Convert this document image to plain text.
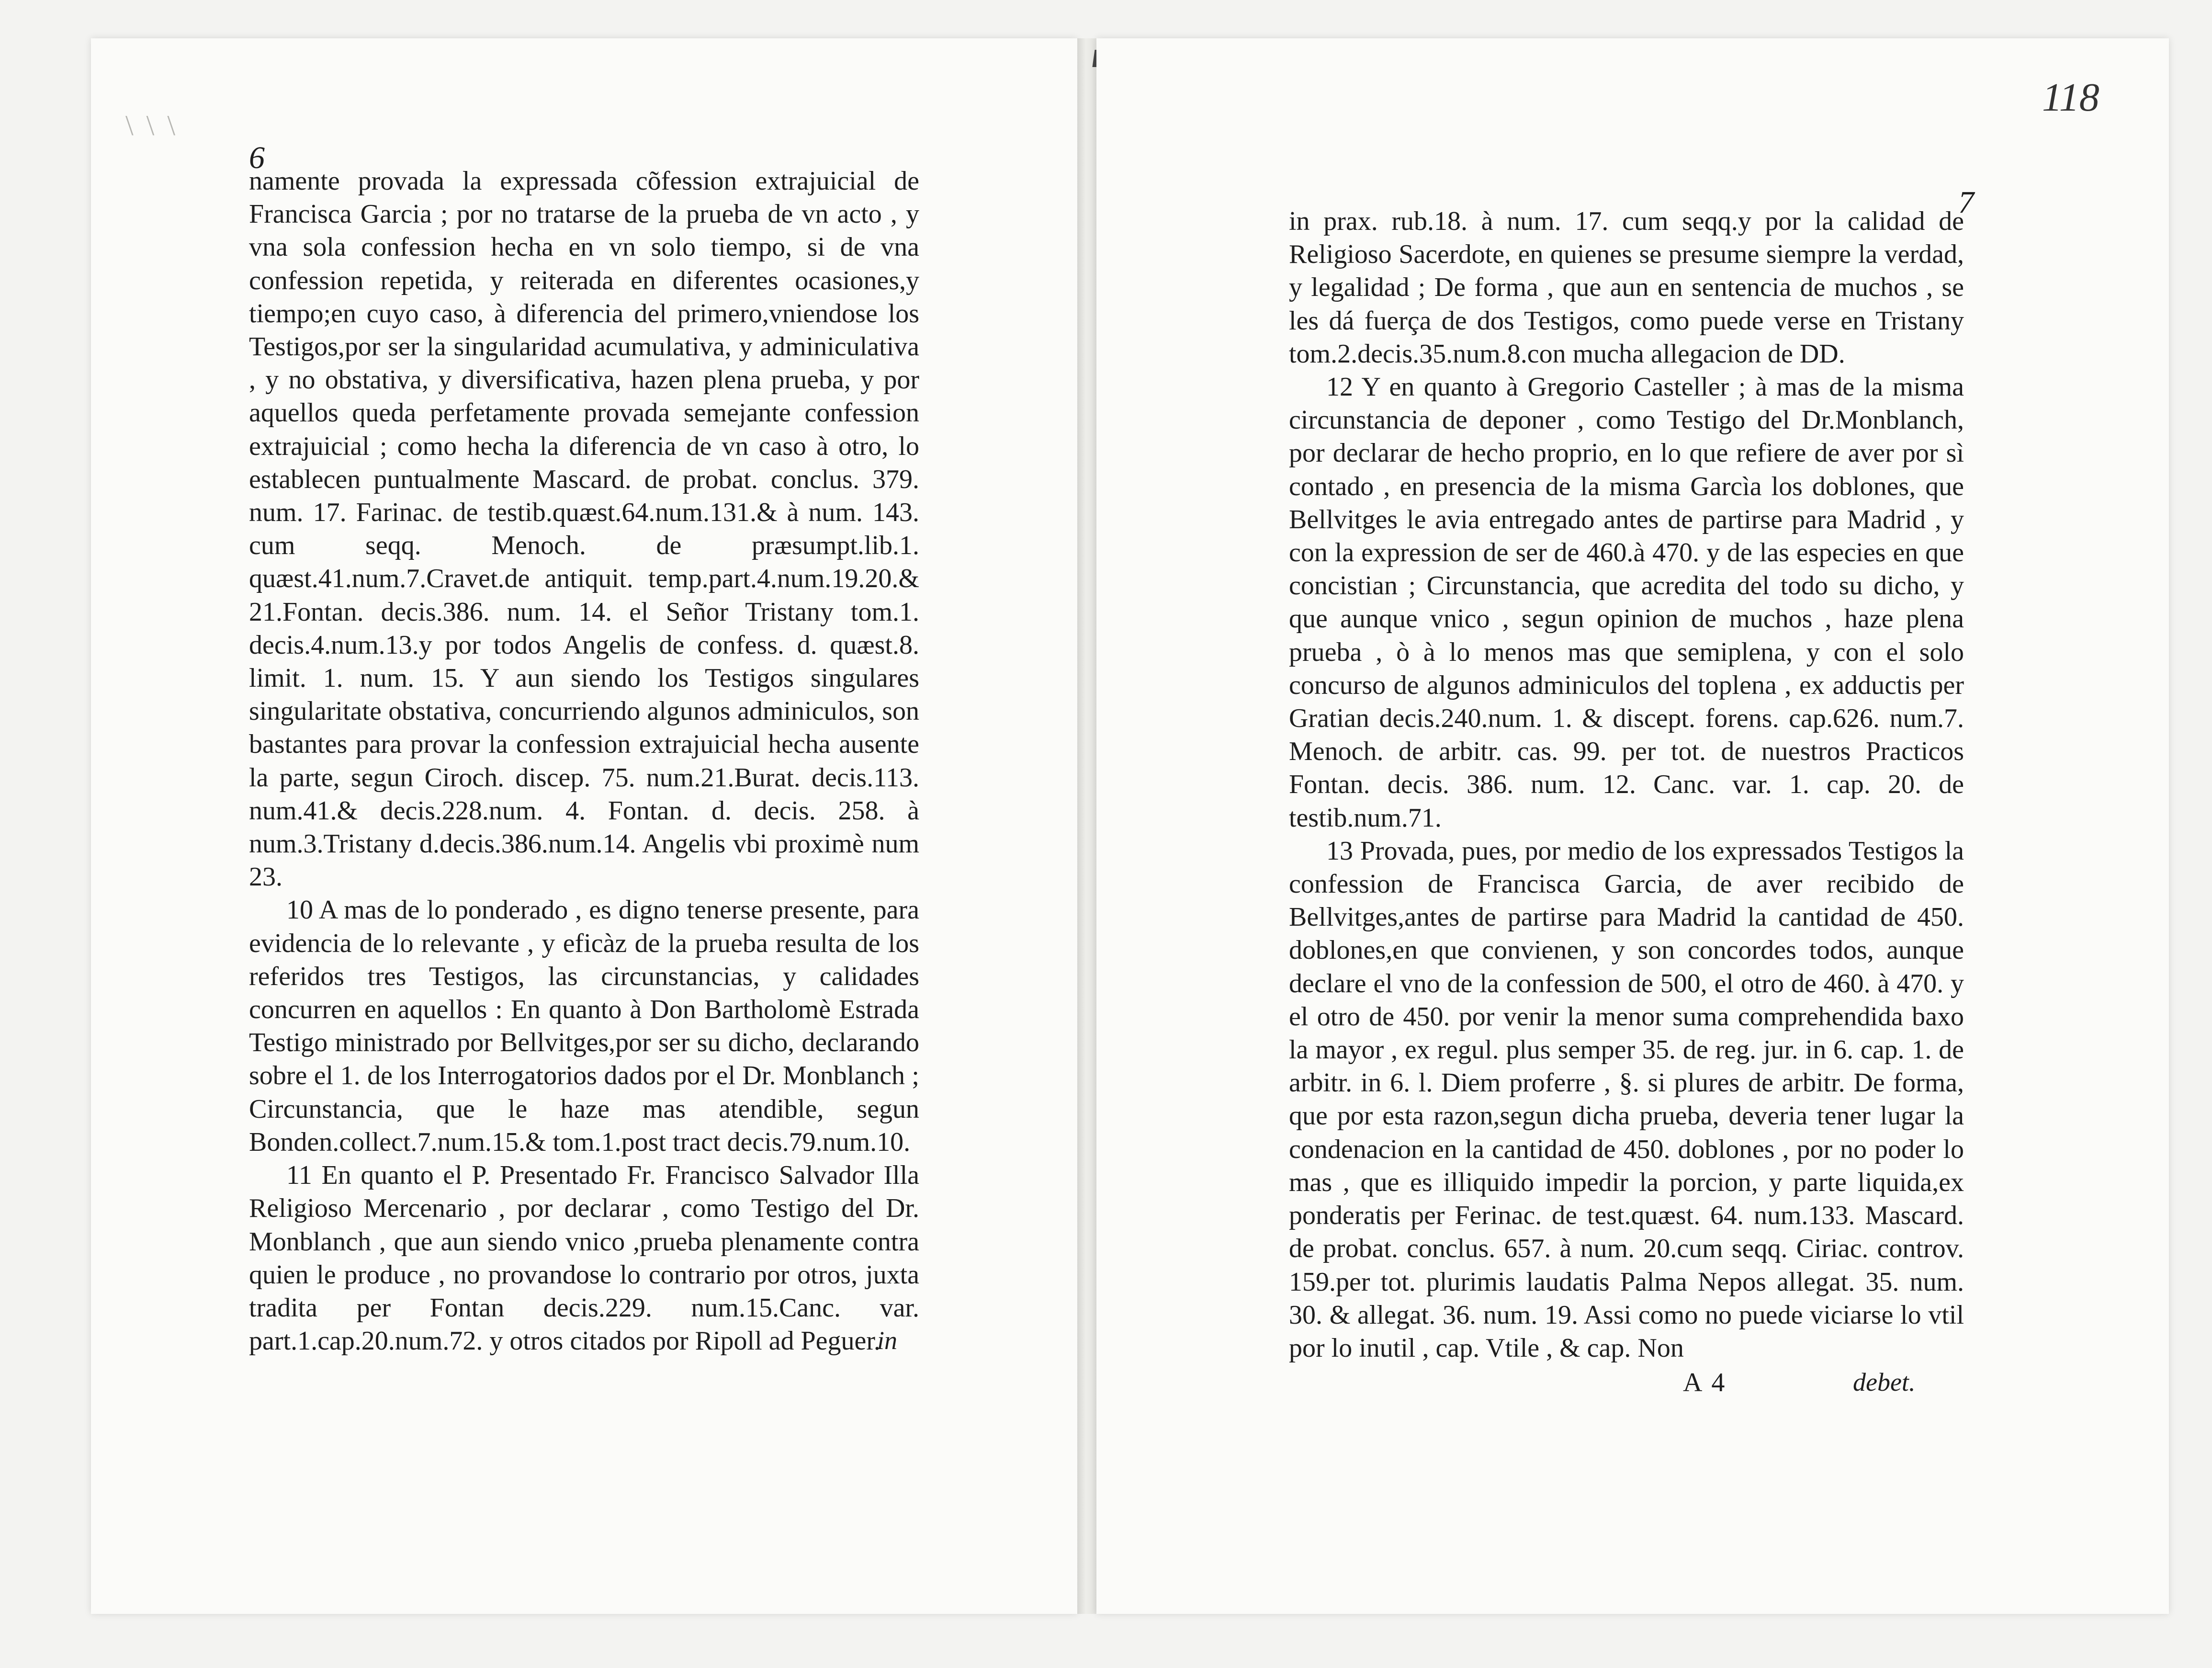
\ \ \
118
6

namente provada la expressada cõfession extrajuicial de Francisca Garcia ; por no tratarse de la prueba de vn acto , y vna sola confession hecha en vn solo tiempo, si de vna confession repetida, y reiterada en diferentes ocasiones,y tiempo;en cuyo caso, à diferencia del primero,vniendose los Testigos,por ser la singularidad acumulativa, y adminiculativa , y no obstativa, y diversificativa, hazen plena prueba, y por aquellos queda perfetamente provada semejante confession extrajuicial ; como hecha la diferencia de vn caso à otro, lo establecen puntualmente Mascard. de probat. conclus. 379. num. 17. Farinac. de testib.quæst.64.num.131.& à num. 143. cum seqq. Menoch. de præsumpt.lib.1. quæst.41.num.7.Cravet.de antiquit. temp.part.4.num.19.20.& 21.Fontan. decis.386. num. 14. el Señor Tristany tom.1. decis.4.num.13.y por todos Angelis de confess. d. quæst.8. limit. 1. num. 15. Y aun siendo los Testigos singulares singularitate obstativa, concurriendo algunos adminiculos, son bastantes para provar la confession extrajuicial hecha ausente la parte, segun Ciroch. discep. 75. num.21.Burat. decis.113. num.41.& decis.228.num. 4. Fontan. d. decis. 258. à num.3.Tristany d.decis.386.num.14. Angelis vbi proximè num 23.

10 A mas de lo ponderado , es digno tenerse presente, para evidencia de lo relevante , y eficàz de la prueba resulta de los referidos tres Testigos, las circunstancias, y calidades concurren en aquellos : En quanto à Don Bartholomè Estrada Testigo ministrado por Bellvitges,por ser su dicho, declarando sobre el 1. de los Interrogatorios dados por el Dr. Monblanch ; Circunstancia, que le haze mas atendible, segun Bonden.collect.7.num.15.& tom.1.post tract decis.79.num.10.

11 En quanto el P. Presentado Fr. Francisco Salvador Illa Religioso Mercenario , por declarar , como Testigo del Dr. Monblanch , que aun siendo vnico ,prueba plenamente contra quien le produce , no provandose lo contrario por otros, juxta tradita per Fontan decis.229. num.15.Canc. var. part.1.cap.20.num.72. y otros citados por Ripoll ad Peguer.

in
7

in prax. rub.18. à num. 17. cum seqq.y por la calidad de Religioso Sacerdote, en quienes se presume siempre la verdad, y legalidad ; De forma , que aun en sentencia de muchos , se les dá fuerça de dos Testigos, como puede verse en Tristany tom.2.decis.35.num.8.con mucha allegacion de DD.

12 Y en quanto à Gregorio Casteller ; à mas de la misma circunstancia de deponer , como Testigo del Dr.Monblanch, por declarar de hecho proprio, en lo que refiere de aver por sì contado , en presencia de la misma Garcìa los doblones, que Bellvitges le avia entregado antes de partirse para Madrid , y con la expression de ser de 460.à 470. y de las especies en que concistian ; Circunstancia, que acredita del todo su dicho, y que aunque vnico , segun opinion de muchos , haze plena prueba , ò à lo menos mas que semiplena, y con el solo concurso de algunos adminiculos del toplena , ex adductis per Gratian decis.240.num. 1. & discept. forens. cap.626. num.7. Menoch. de arbitr. cas. 99. per tot. de nuestros Practicos Fontan. decis. 386. num. 12. Canc. var. 1. cap. 20. de testib.num.71.

13 Provada, pues, por medio de los expressados Testigos la confession de Francisca Garcia, de aver recibido de Bellvitges,antes de partirse para Madrid la cantidad de 450. doblones,en que convienen, y son concordes todos, aunque declare el vno de la confession de 500, el otro de 460. à 470. y el otro de 450. por venir la menor suma comprehendida baxo la mayor , ex regul. plus semper 35. de reg. jur. in 6. cap. 1. de arbitr. in 6. l. Diem proferre , §. si plures de arbitr. De forma, que por esta razon,segun dicha prueba, deveria tener lugar la condenacion en la cantidad de 450. doblones , por no poder lo mas , que es illiquido impedir la porcion, y parte liquida,ex ponderatis per Ferinac. de test.quæst. 64. num.133. Mascard. de probat. conclus. 657. à num. 20.cum seqq. Ciriac. controv. 159.per tot. plurimis laudatis Palma Nepos allegat. 35. num. 30. & allegat. 36. num. 19. Assi como no puede viciarse lo vtil por lo inutil , cap. Vtile , & cap. Non

A 4	debet.
